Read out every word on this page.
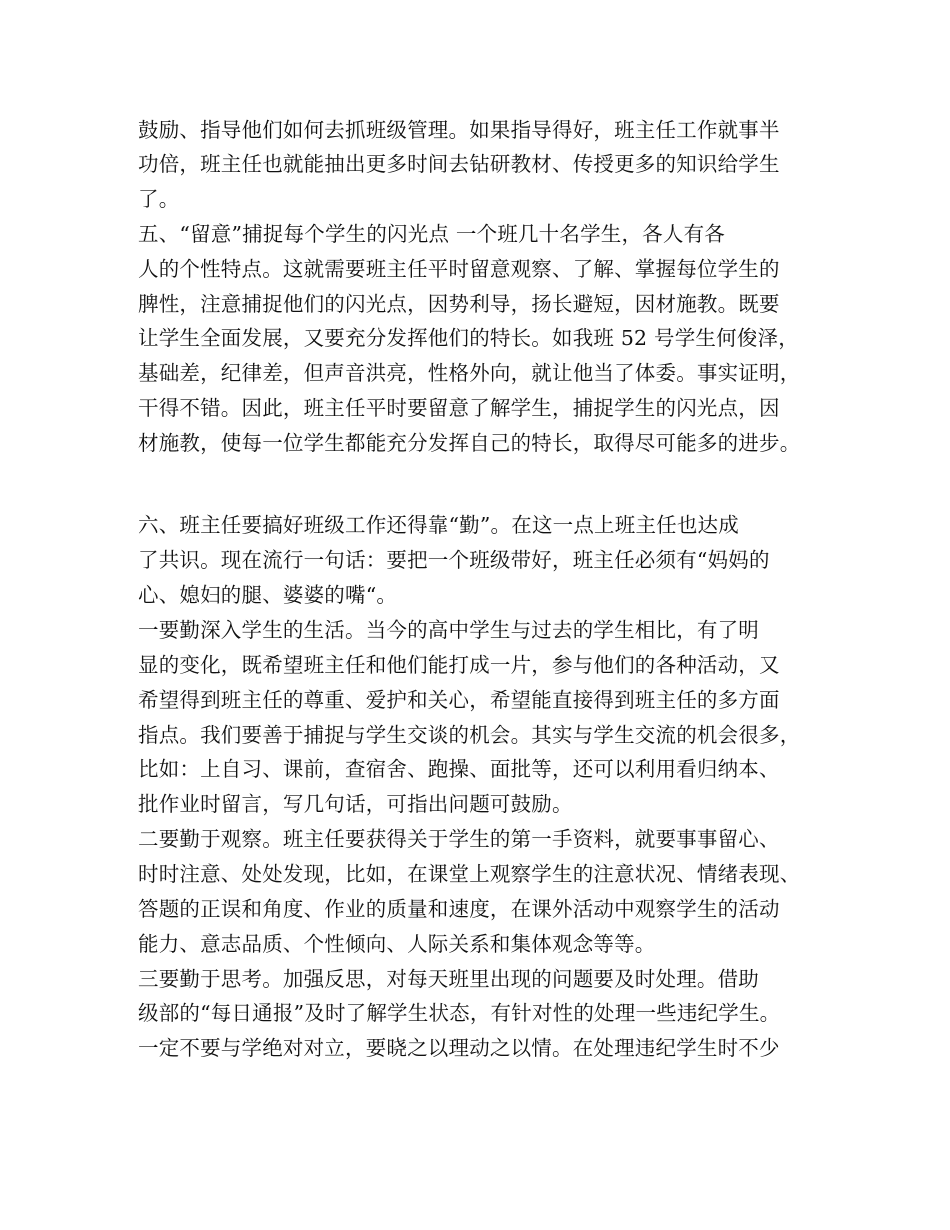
鼓励、指导他们如何去抓班级管理。如果指导得好，班主任工作就事半
功倍，班主任也就能抽出更多时间去钻研教材、传授更多的知识给学生
了。
五、“留意”捕捉每个学生的闪光点 一个班几十名学生，各人有各
人的个性特点。这就需要班主任平时留意观察、了解、掌握每位学生的
脾性，注意捕捉他们的闪光点，因势利导，扬长避短，因材施教。既要
让学生全面发展，又要充分发挥他们的特长。如我班 52 号学生何俊泽，
基础差，纪律差，但声音洪亮，性格外向，就让他当了体委。事实证明，
干得不错。因此，班主任平时要留意了解学生，捕捉学生的闪光点，因
材施教，使每一位学生都能充分发挥自己的特长，取得尽可能多的进步。
六、班主任要搞好班级工作还得靠“勤”。在这一点上班主任也达成
了共识。现在流行一句话：要把一个班级带好，班主任必须有“妈妈的
心、媳妇的腿、婆婆的嘴“。
一要勤深入学生的生活。当今的高中学生与过去的学生相比，有了明
显的变化，既希望班主任和他们能打成一片，参与他们的各种活动，又
希望得到班主任的尊重、爱护和关心，希望能直接得到班主任的多方面
指点。我们要善于捕捉与学生交谈的机会。其实与学生交流的机会很多，
比如：上自习、课前，查宿舍、跑操、面批等，还可以利用看归纳本、
批作业时留言，写几句话，可指出问题可鼓励。
二要勤于观察。班主任要获得关于学生的第一手资料，就要事事留心、
时时注意、处处发现，比如，在课堂上观察学生的注意状况、情绪表现、
答题的正误和角度、作业的质量和速度，在课外活动中观察学生的活动
能力、意志品质、个性倾向、人际关系和集体观念等等。
三要勤于思考。加强反思，对每天班里出现的问题要及时处理。借助
级部的“每日通报”及时了解学生状态，有针对性的处理一些违纪学生。
一定不要与学绝对对立，要晓之以理动之以情。在处理违纪学生时不少
